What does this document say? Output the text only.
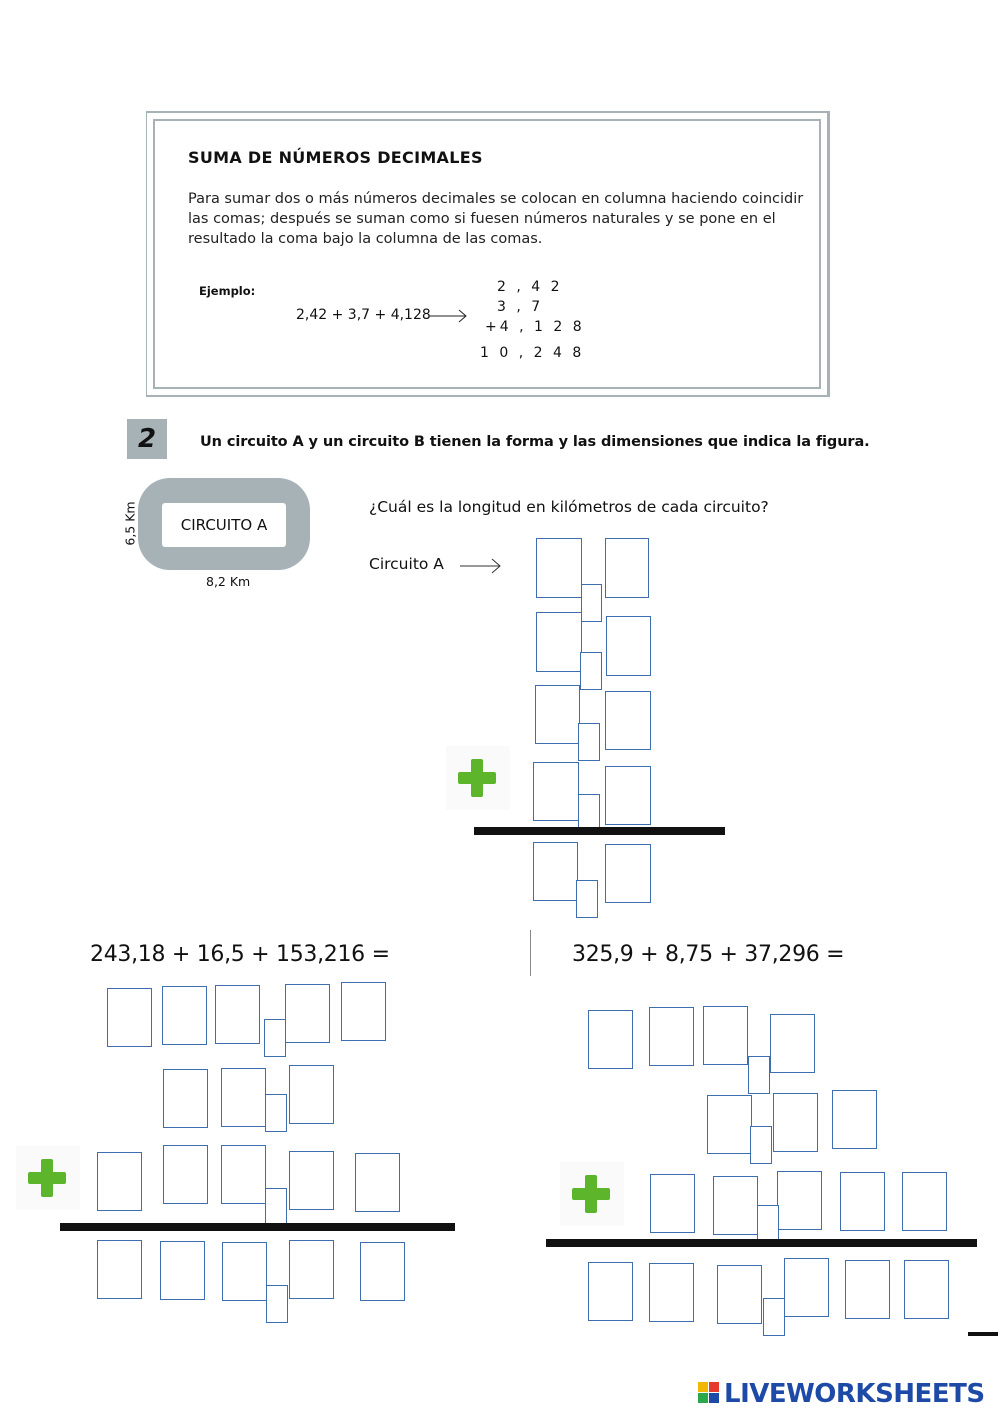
SUMA DE NÚMEROS DECIMALES
Para sumar dos o más números decimales se colocan en columna haciendo coincidir
las comas; después se suman como si fuesen números naturales y se pone en el
resultado la coma bajo la columna de las comas.
Ejemplo:
2,42 + 3,7 + 4,128
2 , 4 2
3 , 7
+4 , 1 2 8
1 0 , 2 4 8
2	Un circuito A y un circuito B tienen la forma y las dimensiones que indica la figura.
CIRCUITO A
8,2 Km
6,5 Km	¿Cuál es la longitud en kilómetros de cada circuito?
Circuito A
243,18 + 16,5 + 153,216 =	325,9 + 8,75 + 37,296 =
LIVEWORKSHEETS
